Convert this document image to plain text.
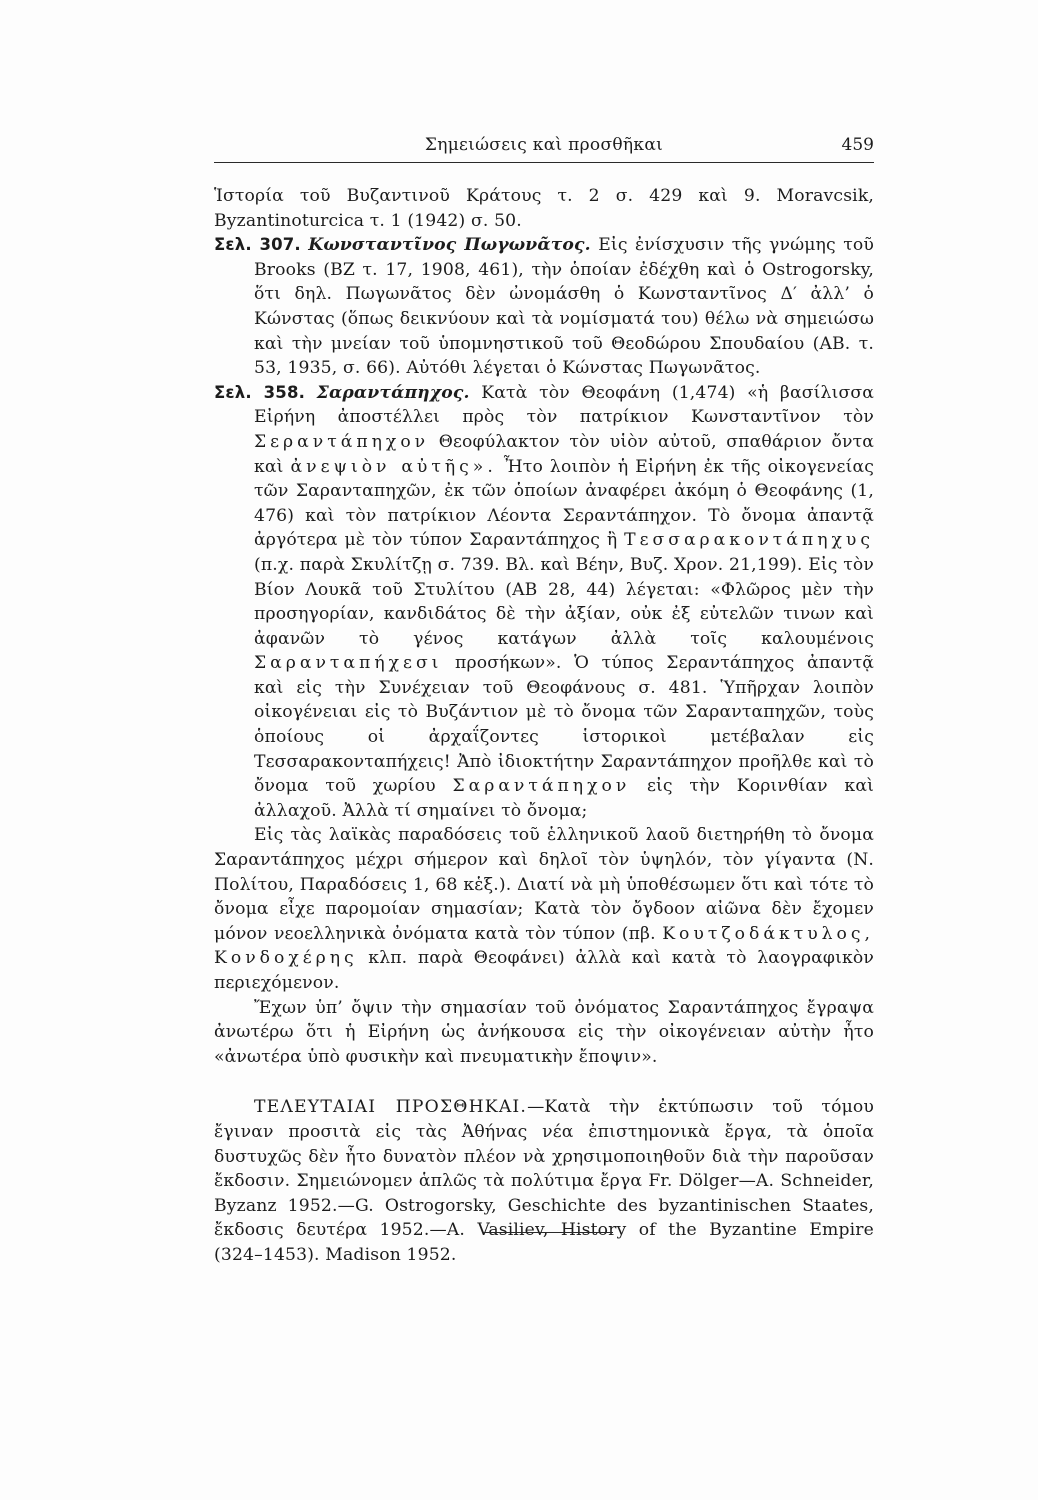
Σημειώσεις καὶ προσθῆκαι	459

Ἱστορία τοῦ Βυζαντινοῦ Κράτους τ. 2 σ. 429 καὶ 9. Moravcsik, Byzantinoturcica τ. 1 (1942) σ. 50.

Σελ. 307. Κωνσταντῖνος Πωγωνᾶτος. Εἰς ἐνίσχυσιν τῆς γνώμης τοῦ Brooks (BZ τ. 17, 1908, 461), τὴν ὁποίαν ἐδέχθη καὶ ὁ Ostrogorsky, ὅτι δηλ. Πωγωνᾶτος δὲν ὠνομάσθη ὁ Κωνσταντῖνος Δ′ ἀλλ’ ὁ Κώνστας (ὅπως δεικνύουν καὶ τὰ νομίσματά του) θέλω νὰ σημειώσω καὶ τὴν μνείαν τοῦ ὑπομνηστικοῦ τοῦ Θεοδώρου Σπουδαίου (AB. τ. 53, 1935, σ. 66). Αὐτόθι λέγεται ὁ Κώνστας Πωγωνᾶτος.

Σελ. 358. Σαραντάπηχος. Κατὰ τὸν Θεοφάνη (1,474) «ἡ βασίλισσα Εἰρήνη ἀποστέλλει πρὸς τὸν πατρίκιον Κωνσταντῖνον τὸν Σεραντάπηχον Θεοφύλακτον τὸν υἱὸν αὐτοῦ, σπαθάριον ὄντα καὶ ἀνεψιὸν αὐτῆς». Ἦτο λοιπὸν ἡ Εἰρήνη ἐκ τῆς οἰκογενείας τῶν Σαρανταπηχῶν, ἐκ τῶν ὁποίων ἀναφέρει ἀκόμη ὁ Θεοφάνης (1, 476) καὶ τὸν πατρίκιον Λέοντα Σεραντάπηχον. Τὸ ὄνομα ἀπαντᾷ ἀργότερα μὲ τὸν τύπον Σαραντάπηχος ἢ Τεσσαρακοντάπηχυς (π.χ. παρὰ Σκυλίτζῃ σ. 739. Βλ. καὶ Βέην, Βυζ. Χρον. 21,199). Εἰς τὸν Βίον Λουκᾶ τοῦ Στυλίτου (AB 28, 44) λέγεται: «Φλῶρος μὲν τὴν προσηγορίαν, κανδιδάτος δὲ τὴν ἀξίαν, οὐκ ἐξ εὐτελῶν τινων καὶ ἀφανῶν τὸ γένος κατάγων ἀλλὰ τοῖς καλουμένοις Σαρανταπήχεσι προσήκων». Ὁ τύπος Σεραντάπηχος ἀπαντᾷ καὶ εἰς τὴν Συνέχειαν τοῦ Θεοφάνους σ. 481. Ὑπῆρχαν λοιπὸν οἰκογένειαι εἰς τὸ Βυζάντιον μὲ τὸ ὄνομα τῶν Σαρανταπηχῶν, τοὺς ὁποίους οἱ ἀρχαΐζοντες ἱστορικοὶ μετέβαλαν εἰς Τεσσαρακονταπήχεις! Ἀπὸ ἰδιοκτήτην Σαραντάπηχον προῆλθε καὶ τὸ ὄνομα τοῦ χωρίου Σαραντάπηχον εἰς τὴν Κορινθίαν καὶ ἀλλαχοῦ. Ἀλλὰ τί σημαίνει τὸ ὄνομα;

Εἰς τὰς λαϊκὰς παραδόσεις τοῦ ἑλληνικοῦ λαοῦ διετηρήθη τὸ ὄνομα Σαραντάπηχος μέχρι σήμερον καὶ δηλοῖ τὸν ὑψηλόν, τὸν γίγαντα (Ν. Πολίτου, Παραδόσεις 1, 68 κἑξ.). Διατί νὰ μὴ ὑποθέσωμεν ὅτι καὶ τότε τὸ ὄνομα εἶχε παρομοίαν σημασίαν; Κατὰ τὸν ὄγδοον αἰῶνα δὲν ἔχομεν μόνον νεοελληνικὰ ὀνόματα κατὰ τὸν τύπον (πβ. Κουτζοδάκτυλος, Κονδοχέρης κλπ. παρὰ Θεοφάνει) ἀλλὰ καὶ κατὰ τὸ λαογραφικὸν περιεχόμενον.

Ἔχων ὑπ’ ὄψιν τὴν σημασίαν τοῦ ὀνόματος Σαραντάπηχος ἔγραψα ἀνωτέρω ὅτι ἡ Εἰρήνη ὡς ἀνήκουσα εἰς τὴν οἰκογένειαν αὐτὴν ἦτο «ἀνωτέρα ὑπὸ φυσικὴν καὶ πνευματικὴν ἔποψιν».

ΤΕΛΕΥΤΑΙΑΙ ΠΡΟΣΘΗΚΑΙ.—Κατὰ τὴν ἐκτύπωσιν τοῦ τόμου ἔγιναν προσιτὰ εἰς τὰς Ἀθήνας νέα ἐπιστημονικὰ ἔργα, τὰ ὁποῖα δυστυχῶς δὲν ἦτο δυνατὸν πλέον νὰ χρησιμοποιηθοῦν διὰ τὴν παροῦσαν ἔκδοσιν. Σημειώνομεν ἁπλῶς τὰ πολύτιμα ἔργα Fr. Dölger—A. Schneider, Byzanz 1952.—G. Ostrogorsky, Geschichte des byzantinischen Staates, ἔκδοσις δευτέρα 1952.—A. Vasiliev, History of the Byzantine Empire (324–1453). Madison 1952.
